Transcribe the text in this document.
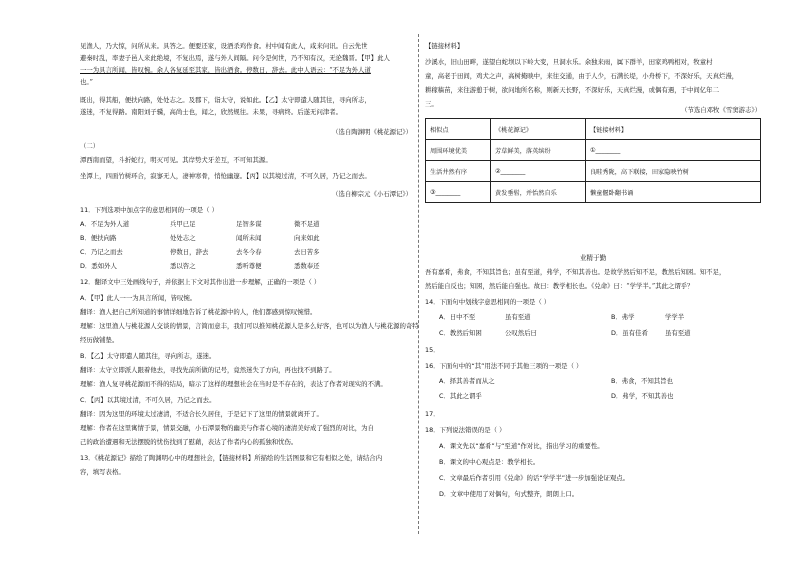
见渔人，乃大惊，问所从来。具答之。便要还家，设酒杀鸡作食。村中闻有此人，咸来问讯。自云先世
避秦时乱，率妻子邑人来此绝境，不复出焉，遂与外人间隔。问今是何世，乃不知有汉，无论魏晋。【甲】此人
一一为具言所闻，皆叹惋。余人各复延至其家，皆出酒食。停数日，辞去。此中人语云：“不足为外人道
也。”
既出，得其船，便扶向路，处处志之。及郡下，诣太守，说如此。【乙】太守即遣人随其往，寻向所志，
遂迷，不复得路。南阳刘子骥，高尚士也，闻之，欣然规往。未果，寻病终。后遂无问津者。
（选自陶渊明《桃花源记》）
（二）
潭西南而望，斗折蛇行，明灭可见。其岸势犬牙差互，不可知其源。
坐潭上，四面竹树环合，寂寥无人，凄神寒骨，悄怆幽邃。【丙】以其境过清，不可久居，乃记之而去。
（选自柳宗元《小石潭记》）
11．下列选项中加点字的意思相同的一项是（ ）
A．不足为外人道	兵甲已足	足智多谋	微不足道
B．便扶向路	处处志之	闻所未闻	向来如此
C．乃记之而去	停数日，辞去	去冬今春	去日苦多
D．悉如外人	悉以咨之	悉听尊便	悉数奉还
12．翻译文中三处画线句子，并依据上下文对其作出进一步理解，正确的一项是（ ）
A．【甲】此人一一为具言所闻，皆叹惋。
翻译：渔人把自己所知道的事情详细地告诉了桃花源中的人，他们都感到惊叹惋惜。
理解：这里渔人与桃花源人交谈的情景，言简而意丰，我们可以推知桃花源人是多么好客，也可以为渔人与桃花源的奇特
经历做铺垫。
B．【乙】太守即遣人随其往，寻向所志，遂迷。
翻译：太守立即派人跟着他去，寻找先前所做的记号，竟然迷失了方向，再也找不到路了。
理解：渔人复寻桃花源而不得的结局，暗示了这样的理想社会在当时是不存在的，表达了作者对现实的不满。
C．【丙】以其境过清，不可久居，乃记之而去。
翻译：因为这里的环境太过凄清，不适合长久居住，于是记下了这里的情景就离开了。
理解：作者在这里寓情于景，情景交融，小石潭景物的幽美与作者心境的凄清美好成了强烈的对比，为自
己的政治遭遇和无法摆脱的忧伤找到了慰藉，表达了作者内心的孤独和忧伤。
13．《桃花源记》描绘了陶渊明心中的理想社会，【链接材料】所描绘的生活图景和它有相似之处，请结合内
容，填写表格。
【链接材料】
沙溪水，旧山田畔，遂望白蛇坝以下岭大变，旦洞水乐。余独来雨，属下群羊，田家鸡鸭相对，牧童村
童，高老于田间，鸡犬之声，高树掩映中，来往交通，由于人少，石满长堤，小舟桥下，不深好乐，天真烂漫，
耕稼穑苗，来往游憩于树，欲问地所名称，则新天长野，不深好乐，天真烂漫，或偶有遇，于中间亿年二
三。
（节选自邓牧《雪窦游志》）
相似点	《桃花源记》	【链接材料】
周围环境优美	芳草鲜美，落英缤纷	①________
生活井然有序	②________	良畦秀陇，高下联接，田家隐映竹树
③________	黄发垂髫，并怡然自乐	懒童偃卧翻书诵
业精于勤
吾有嘉肴，弗食，不知其旨也；虽有至道，弗学，不知其善也。是故学然后知不足，教然后知困。知不足，
然后能自反也；知困，然后能自强也。故曰：教学相长也。《兑命》曰：“学学半。”其此之谓乎？
14．下面句中划线字意思相同的一项是（ ）
A．日中不至	虽有至道	B．弗学	学学半
C．教然后知困	公叹然后曰	D．虽有佳肴	虽有至道
15．
16．下面句中的“其”用法不同于其他三项的一项是（ ）
A．择其善者而从之	B．弗食，不知其旨也
C．其此之谓乎	D．弗学，不知其善也
17．
18．下列说法错误的是（ ）
A．课文先以“嘉肴”与“至道”作对比，指出学习的重要性。
B．课文的中心观点是：教学相长。
C．文章最后作者引用《兑命》的话“学学半”进一步加强论证观点。
D．文章中使用了对偶句，句式整齐，朗朗上口。
